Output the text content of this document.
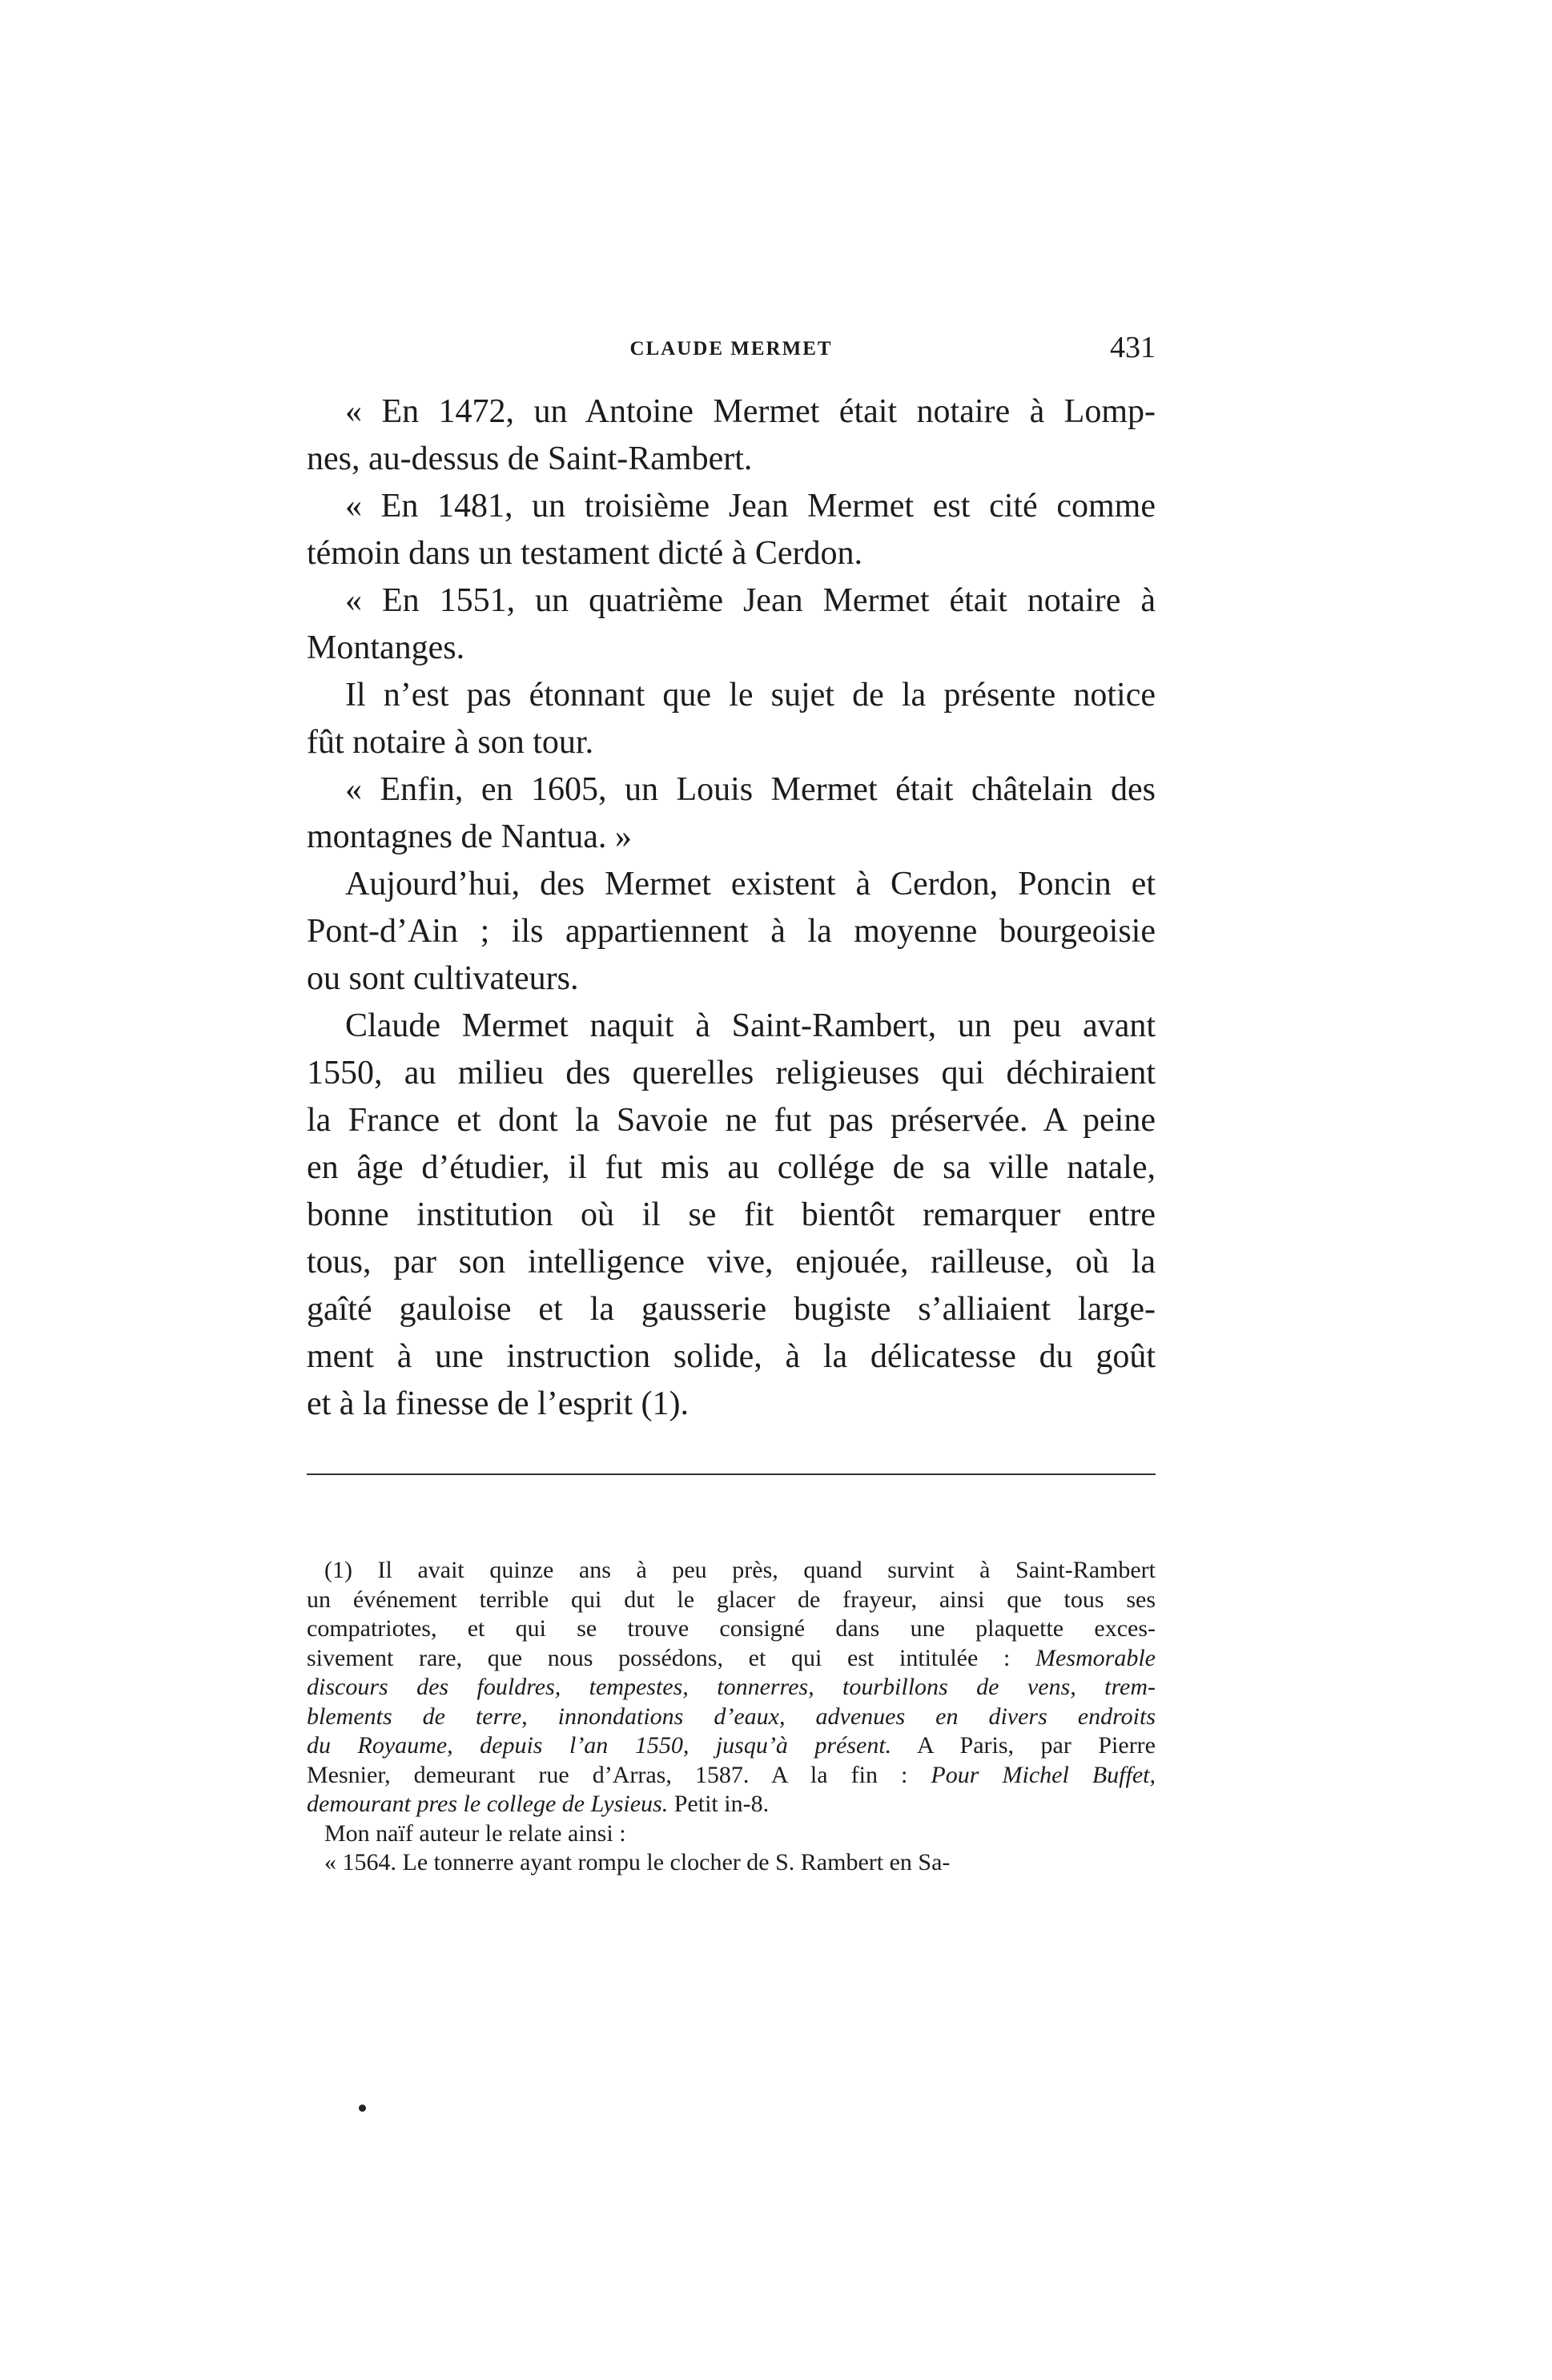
CLAUDE MERMET	431
« En 1472, un Antoine Mermet était notaire à Lomp-
nes, au-dessus de Saint-Rambert.
« En 1481, un troisième Jean Mermet est cité comme
témoin dans un testament dicté à Cerdon.
« En 1551, un quatrième Jean Mermet était notaire à
Montanges.
Il n’est pas étonnant que le sujet de la présente notice
fût notaire à son tour.
« Enfin, en 1605, un Louis Mermet était châtelain des
montagnes de Nantua. »
Aujourd’hui, des Mermet existent à Cerdon, Poncin et
Pont-d’Ain ; ils appartiennent à la moyenne bourgeoisie
ou sont cultivateurs.
Claude Mermet naquit à Saint-Rambert, un peu avant
1550, au milieu des querelles religieuses qui déchiraient
la France et dont la Savoie ne fut pas préservée. A peine
en âge d’étudier, il fut mis au collége de sa ville natale,
bonne institution où il se fit bientôt remarquer entre
tous, par son intelligence vive, enjouée, railleuse, où la
gaîté gauloise et la gausserie bugiste s’alliaient large-
ment à une instruction solide, à la délicatesse du goût
et à la finesse de l’esprit (1).
(1) Il avait quinze ans à peu près, quand survint à Saint-Rambert
un événement terrible qui dut le glacer de frayeur, ainsi que tous ses
compatriotes, et qui se trouve consigné dans une plaquette exces-
sivement rare, que nous possédons, et qui est intitulée : Mesmorable
discours des fouldres, tempestes, tonnerres, tourbillons de vens, trem-
blements de terre, innondations d’eaux, advenues en divers endroits
du Royaume, depuis l’an 1550, jusqu’à présent. A Paris, par Pierre
Mesnier, demeurant rue d’Arras, 1587. A la fin : Pour Michel Buffet,
demourant pres le college de Lysieus. Petit in-8.
Mon naïf auteur le relate ainsi :
« 1564. Le tonnerre ayant rompu le clocher de S. Rambert en Sa-
